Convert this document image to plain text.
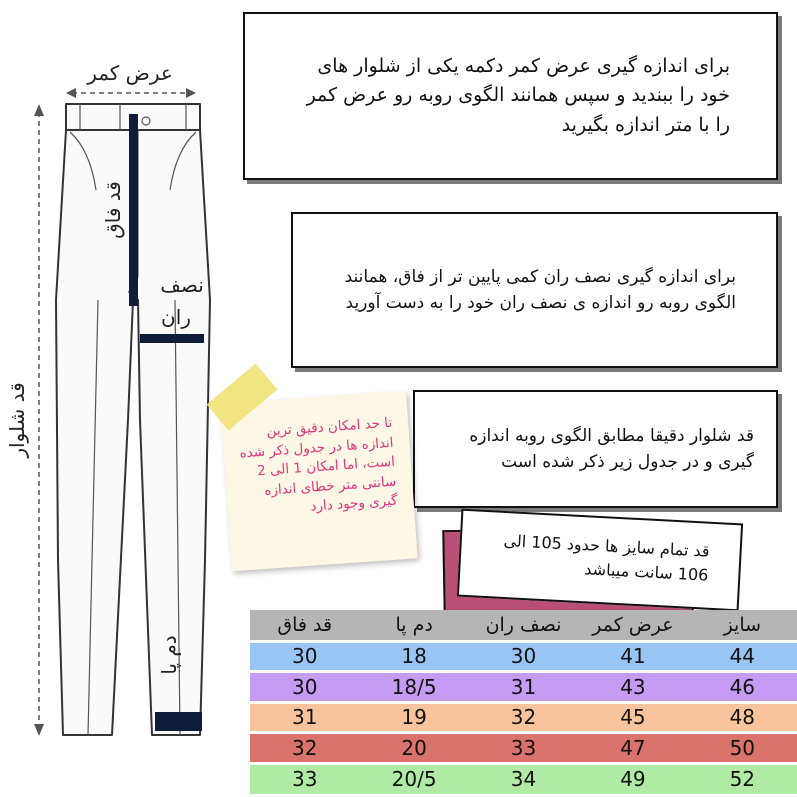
عرض کمر
قد شلوار
قد فاق
نصف
ران
دم پا

برای اندازه گیری عرض کمر دکمه یکی از شلوار های خود را ببندید و سپس همانند الگوی روبه رو عرض کمر را با متر اندازه بگیرید

برای اندازه گیری نصف ران کمی پایین تر از فاق، همانند الگوی روبه رو اندازه ی نصف ران خود را به دست آورید

قد شلوار دقیقا مطابق الگوی روبه اندازه گیری و در جدول زیر ذکر شده است

قد تمام سایز ها حدود 105 الی 106 سانت میباشد

تا حد امکان دقیق ترین اندازه ها در جدول ذکر شده است، اما امکان 1 الی 2 سانتی متر خطای اندازه گیری وجود دارد

سایز	عرض کمر	نصف ران	دم پا	قد فاق
44	41	30	18	30
46	43	31	18/5	30
48	45	32	19	31
50	47	33	20	32
52	49	34	20/5	33
